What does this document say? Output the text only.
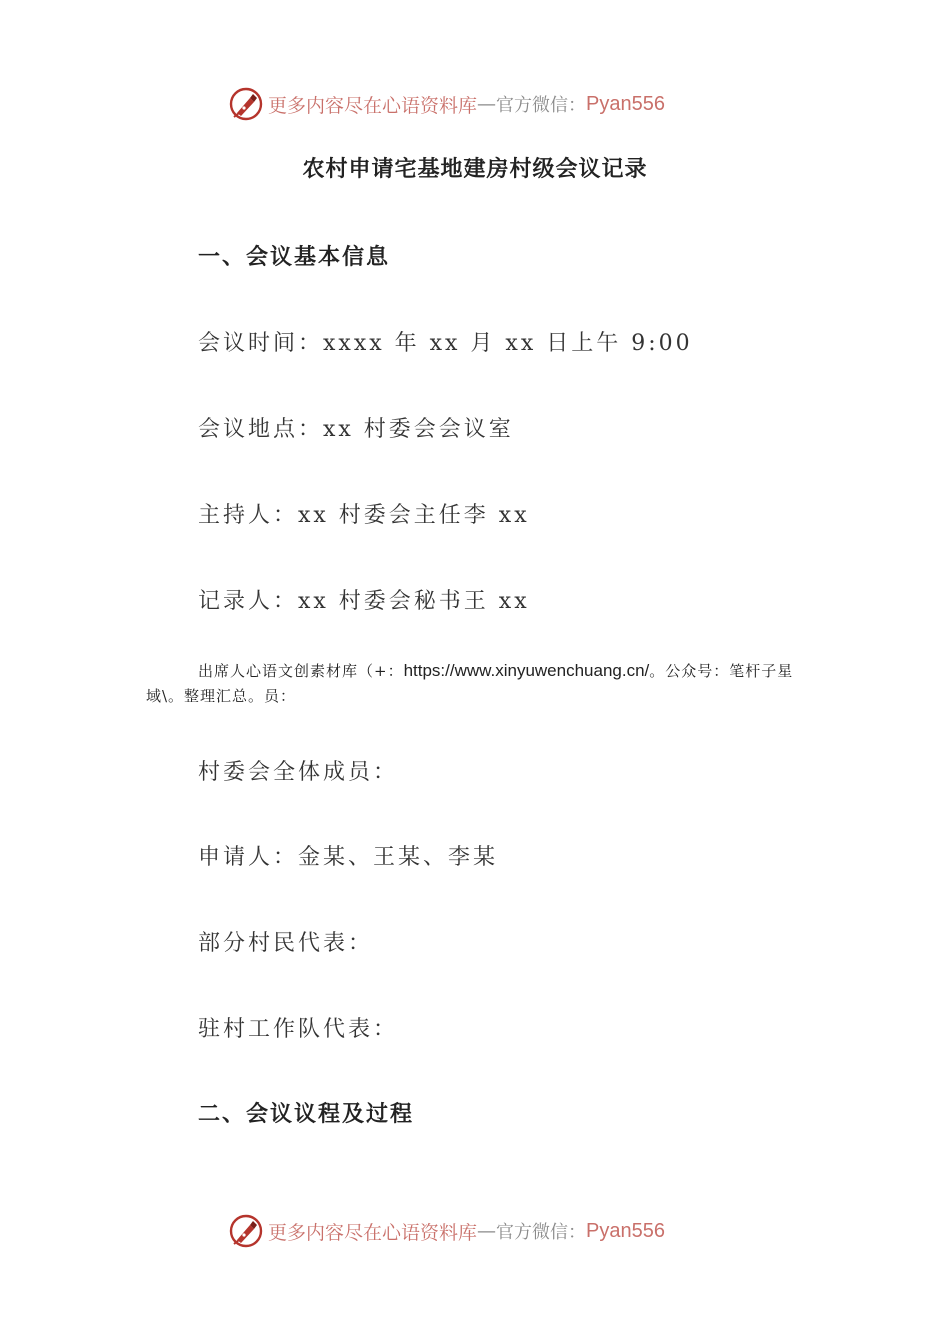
更多内容尽在心语资料库 — 官方微信： Pyan556
农村申请宅基地建房村级会议记录
一、会议基本信息
会议时间：xxxx 年 xx 月 xx 日上午 9:00
会议地点：xx 村委会会议室
主持人：xx 村委会主任李 xx
记录人：xx 村委会秘书王 xx
出席人心语文创素材库（+：https://www.xinyuwenchuang.cn/。公众号：笔杆子星域\。整理汇总。员：
村委会全体成员：
申请人：金某、王某、李某
部分村民代表：
驻村工作队代表：
二、会议议程及过程
更多内容尽在心语资料库 — 官方微信： Pyan556
